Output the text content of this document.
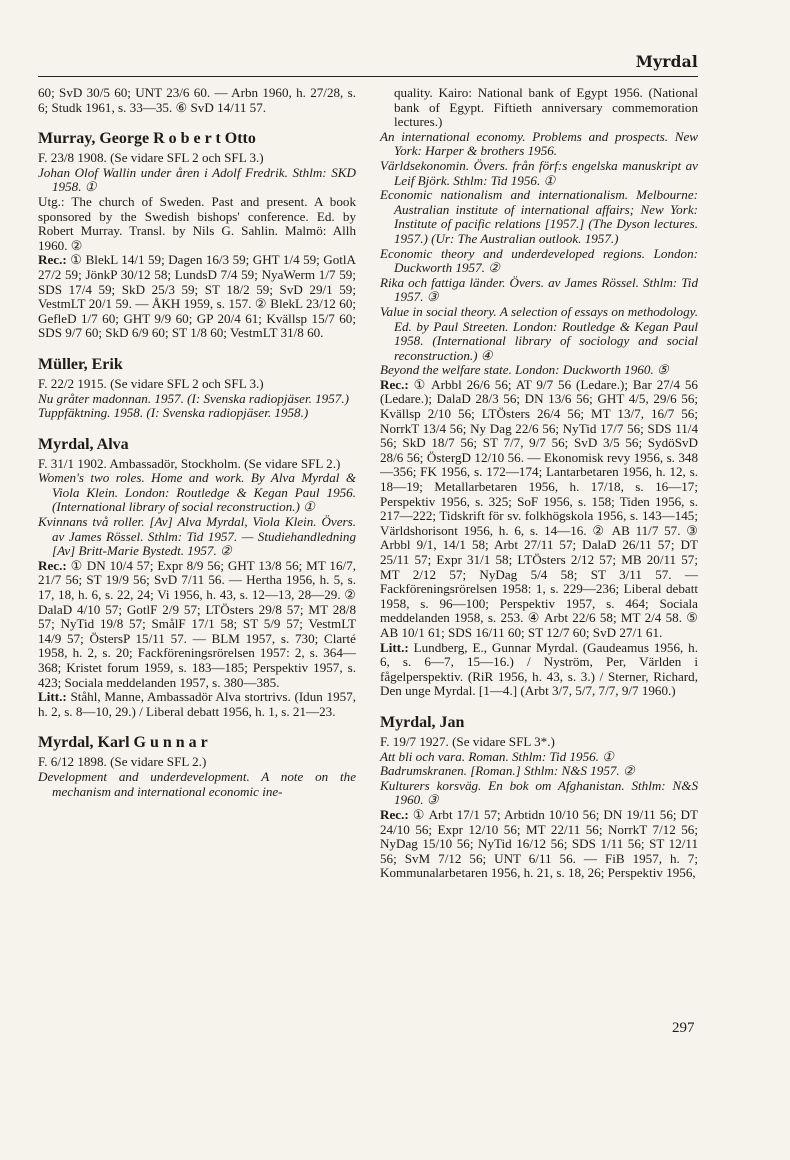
Myrdal

60; SvD 30/5 60; UNT 23/6 60. — Arbn 1960, h. 27/28, s. 6; Studk 1961, s. 33—35. ⑥ SvD 14/11 57.

Murray, George R o b e r t Otto

F. 23/8 1908. (Se vidare SFL 2 och SFL 3.)

Johan Olof Wallin under åren i Adolf Fredrik. Sthlm: SKD 1958. ①

Utg.: The church of Sweden. Past and present. A book sponsored by the Swedish bishops' conference. Ed. by Robert Murray. Transl. by Nils G. Sahlin. Malmö: Allh 1960. ②

Rec.: ① BlekL 14/1 59; Dagen 16/3 59; GHT 1/4 59; GotlA 27/2 59; JönkP 30/12 58; LundsD 7/4 59; NyaWerm 1/7 59; SDS 17/4 59; SkD 25/3 59; ST 18/2 59; SvD 29/1 59; VestmLT 20/1 59. — ÅKH 1959, s. 157. ② BlekL 23/12 60; GefleD 1/7 60; GHT 9/9 60; GP 20/4 61; Kvällsp 15/7 60; SDS 9/7 60; SkD 6/9 60; ST 1/8 60; VestmLT 31/8 60.

Müller, Erik

F. 22/2 1915. (Se vidare SFL 2 och SFL 3.)

Nu gråter madonnan. 1957. (I: Svenska radiopjäser. 1957.)

Tuppfäktning. 1958. (I: Svenska radiopjäser. 1958.)

Myrdal, Alva

F. 31/1 1902. Ambassadör, Stockholm. (Se vidare SFL 2.)

Women's two roles. Home and work. By Alva Myrdal & Viola Klein. London: Routledge & Kegan Paul 1956. (International library of social reconstruction.) ①

Kvinnans två roller. [Av] Alva Myrdal, Viola Klein. Övers. av James Rössel. Sthlm: Tid 1957. — Studiehandledning [Av] Britt-Marie Bystedt. 1957. ②

Rec.: ① DN 10/4 57; Expr 8/9 56; GHT 13/8 56; MT 16/7, 21/7 56; ST 19/9 56; SvD 7/11 56. — Hertha 1956, h. 5, s. 17, 18, h. 6, s. 22, 24; Vi 1956, h. 43, s. 12—13, 28—29. ② DalaD 4/10 57; GotlF 2/9 57; LTÖsters 29/8 57; MT 28/8 57; NyTid 19/8 57; SmålF 17/1 58; ST 5/9 57; VestmLT 14/9 57; ÖstersP 15/11 57. — BLM 1957, s. 730; Clarté 1958, h. 2, s. 20; Fackföreningsrörelsen 1957: 2, s. 364—368; Kristet forum 1959, s. 183—185; Perspektiv 1957, s. 423; Sociala meddelanden 1957, s. 380—385.

Litt.: Ståhl, Manne, Ambassadör Alva stortrivs. (Idun 1957, h. 2, s. 8—10, 29.) / Liberal debatt 1956, h. 1, s. 21—23.

Myrdal, Karl G u n n a r

F. 6/12 1898. (Se vidare SFL 2.)

Development and underdevelopment. A note on the mechanism and international economic ine-

quality. Kairo: National bank of Egypt 1956. (National bank of Egypt. Fiftieth anniversary commemoration lectures.)

An international economy. Problems and prospects. New York: Harper & brothers 1956.

Världsekonomin. Övers. från förf:s engelska manuskript av Leif Björk. Sthlm: Tid 1956. ①

Economic nationalism and internationalism. Melbourne: Australian institute of international affairs; New York: Institute of pacific relations [1957.] (The Dyson lectures. 1957.) (Ur: The Australian outlook. 1957.)

Economic theory and underdeveloped regions. London: Duckworth 1957. ②

Rika och fattiga länder. Övers. av James Rössel. Sthlm: Tid 1957. ③

Value in social theory. A selection of essays on methodology. Ed. by Paul Streeten. London: Routledge & Kegan Paul 1958. (International library of sociology and social reconstruction.) ④

Beyond the welfare state. London: Duckworth 1960. ⑤

Rec.: ① Arbbl 26/6 56; AT 9/7 56 (Ledare.); Bar 27/4 56 (Ledare.); DalaD 28/3 56; DN 13/6 56; GHT 4/5, 29/6 56; Kvällsp 2/10 56; LTÖsters 26/4 56; MT 13/7, 16/7 56; NorrkT 13/4 56; Ny Dag 22/6 56; NyTid 17/7 56; SDS 11/4 56; SkD 18/7 56; ST 7/7, 9/7 56; SvD 3/5 56; SydöSvD 28/6 56; ÖstergD 12/10 56. — Ekonomisk revy 1956, s. 348—356; FK 1956, s. 172—174; Lantarbetaren 1956, h. 12, s. 18—19; Metallarbetaren 1956, h. 17/18, s. 16—17; Perspektiv 1956, s. 325; SoF 1956, s. 158; Tiden 1956, s. 217—222; Tidskrift för sv. folkhögskola 1956, s. 143—145; Världshorisont 1956, h. 6, s. 14—16. ② AB 11/7 57. ③ Arbbl 9/1, 14/1 58; Arbt 27/11 57; DalaD 26/11 57; DT 25/11 57; Expr 31/1 58; LTÖsters 2/12 57; MB 20/11 57; MT 2/12 57; NyDag 5/4 58; ST 3/11 57. — Fackföreningsrörelsen 1958: 1, s. 229—236; Liberal debatt 1958, s. 96—100; Perspektiv 1957, s. 464; Sociala meddelanden 1958, s. 253. ④ Arbt 22/6 58; MT 2/4 58. ⑤ AB 10/1 61; SDS 16/11 60; ST 12/7 60; SvD 27/1 61.

Litt.: Lundberg, E., Gunnar Myrdal. (Gaudeamus 1956, h. 6, s. 6—7, 15—16.) / Nyström, Per, Världen i fågelperspektiv. (RiR 1956, h. 43, s. 3.) / Sterner, Richard, Den unge Myrdal. [1—4.] (Arbt 3/7, 5/7, 7/7, 9/7 1960.)

Myrdal, Jan

F. 19/7 1927. (Se vidare SFL 3*.)

Att bli och vara. Roman. Sthlm: Tid 1956. ①

Badrumskranen. [Roman.] Sthlm: N&S 1957. ②

Kulturers korsväg. En bok om Afghanistan. Sthlm: N&S 1960. ③

Rec.: ① Arbt 17/1 57; Arbtidn 10/10 56; DN 19/11 56; DT 24/10 56; Expr 12/10 56; MT 22/11 56; NorrkT 7/12 56; NyDag 15/10 56; NyTid 16/12 56; SDS 1/11 56; ST 12/11 56; SvM 7/12 56; UNT 6/11 56. — FiB 1957, h. 7; Kommunalarbetaren 1956, h. 21, s. 18, 26; Perspektiv 1956,

297
